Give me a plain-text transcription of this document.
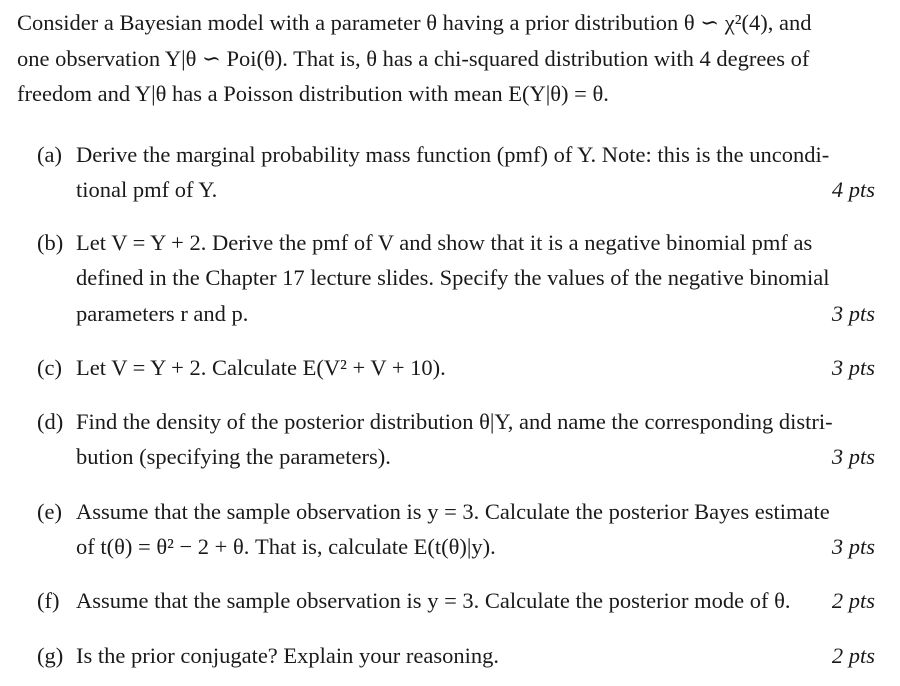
Consider a Bayesian model with a parameter θ having a prior distribution θ ∽ χ²(4), and
one observation Y|θ ∽ Poi(θ). That is, θ has a chi-squared distribution with 4 degrees of
freedom and Y|θ has a Poisson distribution with mean E(Y|θ) = θ.
(a) Derive the marginal probability mass function (pmf) of Y. Note: this is the uncondi-
tional pmf of Y.	4 pts
(b) Let V = Y + 2. Derive the pmf of V and show that it is a negative binomial pmf as
defined in the Chapter 17 lecture slides. Specify the values of the negative binomial
parameters r and p.	3 pts
(c) Let V = Y + 2. Calculate E(V² + V + 10).	3 pts
(d) Find the density of the posterior distribution θ|Y, and name the corresponding distri-
bution (specifying the parameters).	3 pts
(e) Assume that the sample observation is y = 3. Calculate the posterior Bayes estimate
of t(θ) = θ² − 2 + θ. That is, calculate E(t(θ)|y).	3 pts
(f) Assume that the sample observation is y = 3. Calculate the posterior mode of θ. 2 pts
(g) Is the prior conjugate? Explain your reasoning.	2 pts
